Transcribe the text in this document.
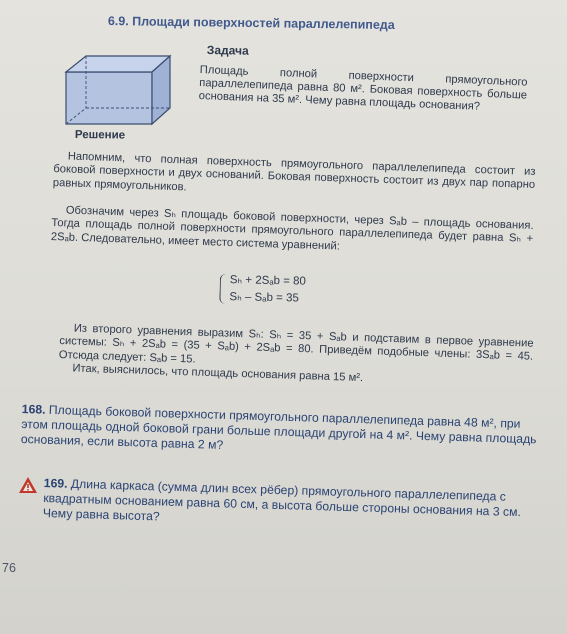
6.9. Площади поверхностей параллелепипеда
Задача
Площадь полной поверхности прямоугольного параллелепипеда равна 80 м². Боковая поверхность больше основания на 35 м². Чему равна площадь основания?
Решение

Напомним, что полная поверхность прямоугольного параллелепипеда состоит из боковой поверхности и двух оснований. Боковая поверхность состоит из двух пар попарно равных прямоугольников.

Обозначим через Sₕ площадь боковой поверхности, через Sₐb – площадь основания. Тогда площадь полной поверхности прямоугольного параллелепипеда будет равна Sₕ + 2Sₐb. Следовательно, имеет место система уравнений:

Sₕ + 2Sₐb = 80
Sₕ – Sₐb = 35

Из второго уравнения выразим Sₕ: Sₕ = 35 + Sₐb и подставим в первое уравнение системы: Sₕ + 2Sₐb = (35 + Sₐb) + 2Sₐb = 80. Приведём подобные члены: 3Sₐb = 45. Отсюда следует: Sₐb = 15.

Итак, выяснилось, что площадь основания равна 15 м².

168. Площадь боковой поверхности прямоугольного параллелепипеда равна 48 м², при этом площадь одной боковой грани больше площади другой на 4 м². Чему равна площадь основания, если высота равна 2 м?
169. Длина каркаса (сумма длин всех рёбер) прямоугольного параллелепипеда с квадратным основанием равна 60 см, а высота больше стороны основания на 3 см. Чему равна высота?
76
